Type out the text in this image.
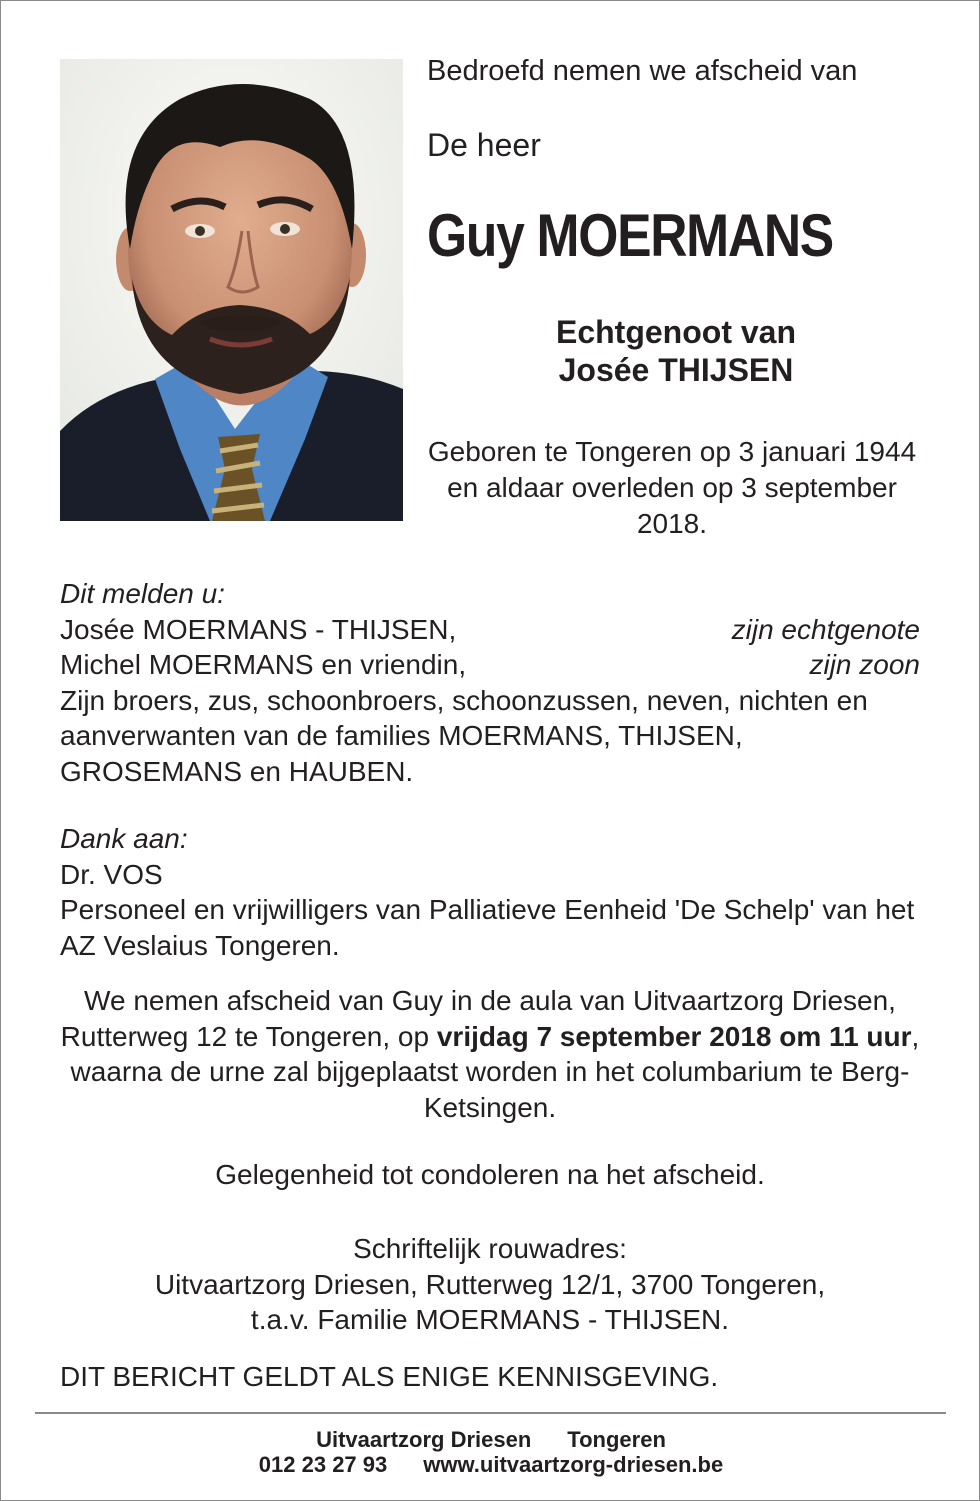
Bedroefd nemen we afscheid van
De heer
Guy MOERMANS
Echtgenoot van
Josée THIJSEN
Geboren te Tongeren op 3 januari 1944 en aldaar overleden op 3 september 2018.
Dit melden u:
Josée MOERMANS - THIJSEN,	zijn echtgenote
Michel MOERMANS en vriendin,	zijn zoon
Zijn broers, zus, schoonbroers, schoonzussen, neven, nichten en aanverwanten van de families MOERMANS, THIJSEN, GROSEMANS en HAUBEN.
Dank aan:
Dr. VOS
Personeel en vrijwilligers van Palliatieve Eenheid 'De Schelp' van het AZ Veslaius Tongeren.
We nemen afscheid van Guy in de aula van Uitvaartzorg Driesen, Rutterweg 12 te Tongeren, op vrijdag 7 september 2018 om 11 uur, waarna de urne zal bijgeplaatst worden in het columbarium te Berg-Ketsingen.
Gelegenheid tot condoleren na het afscheid.
Schriftelijk rouwadres:
Uitvaartzorg Driesen, Rutterweg 12/1, 3700 Tongeren,
t.a.v. Familie MOERMANS - THIJSEN.
DIT BERICHT GELDT ALS ENIGE KENNISGEVING.
Uitvaartzorg Driesen Tongeren
012 23 27 93 www.uitvaartzorg-driesen.be
